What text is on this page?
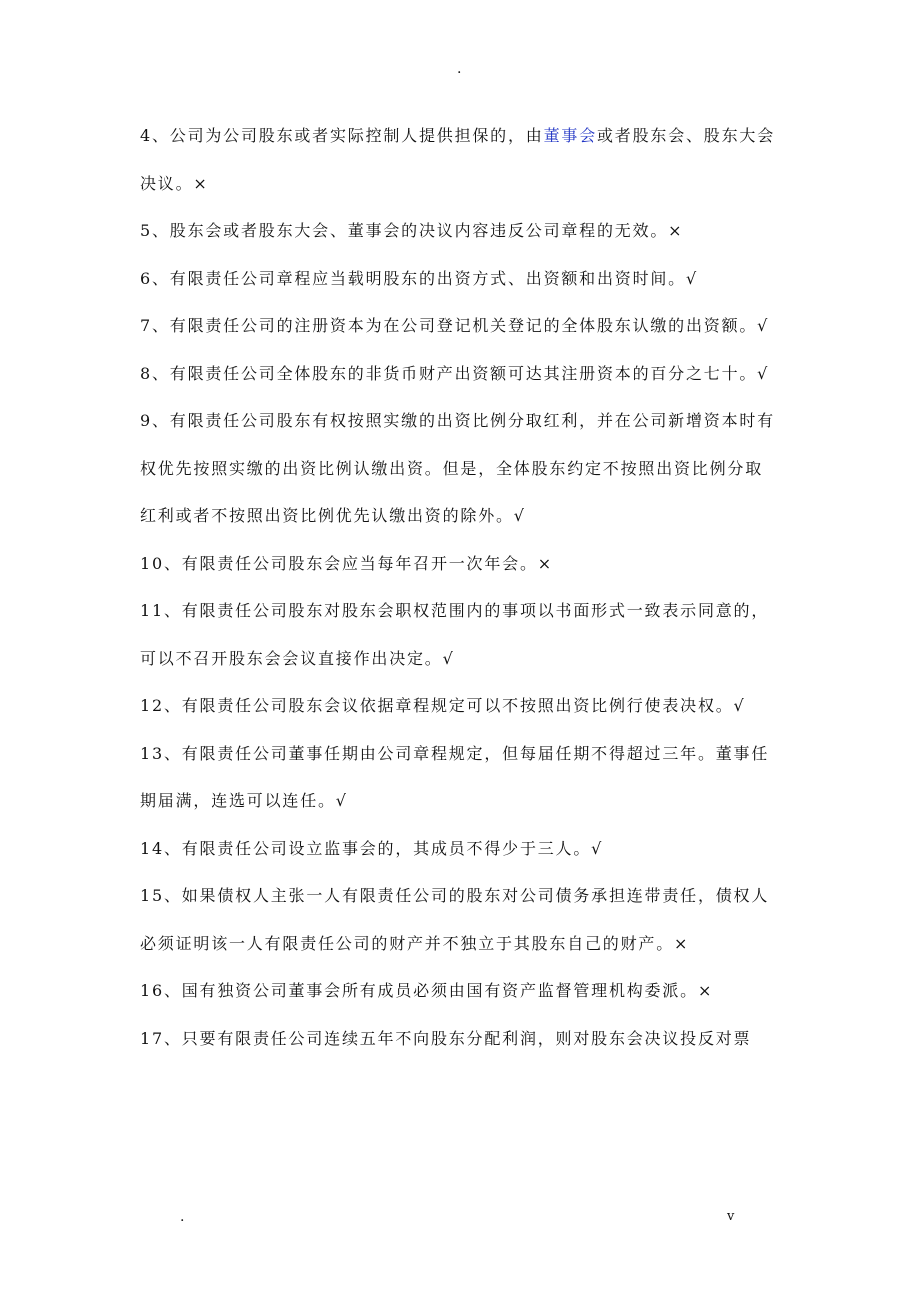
.

4、公司为公司股东或者实际控制人提供担保的，由董事会或者股东会、股东大会决议。×

5、股东会或者股东大会、董事会的决议内容违反公司章程的无效。×

6、有限责任公司章程应当载明股东的出资方式、出资额和出资时间。√

7、有限责任公司的注册资本为在公司登记机关登记的全体股东认缴的出资额。√

8、有限责任公司全体股东的非货币财产出资额可达其注册资本的百分之七十。√

9、有限责任公司股东有权按照实缴的出资比例分取红利，并在公司新增资本时有权优先按照实缴的出资比例认缴出资。但是，全体股东约定不按照出资比例分取红利或者不按照出资比例优先认缴出资的除外。√

10、有限责任公司股东会应当每年召开一次年会。×

11、有限责任公司股东对股东会职权范围内的事项以书面形式一致表示同意的，可以不召开股东会会议直接作出决定。√

12、有限责任公司股东会议依据章程规定可以不按照出资比例行使表决权。√

13、有限责任公司董事任期由公司章程规定，但每届任期不得超过三年。董事任期届满，连选可以连任。√

14、有限责任公司设立监事会的，其成员不得少于三人。√

15、如果债权人主张一人有限责任公司的股东对公司债务承担连带责任，债权人必须证明该一人有限责任公司的财产并不独立于其股东自己的财产。×

16、国有独资公司董事会所有成员必须由国有资产监督管理机构委派。×

17、只要有限责任公司连续五年不向股东分配利润，则对股东会决议投反对票

.	v
